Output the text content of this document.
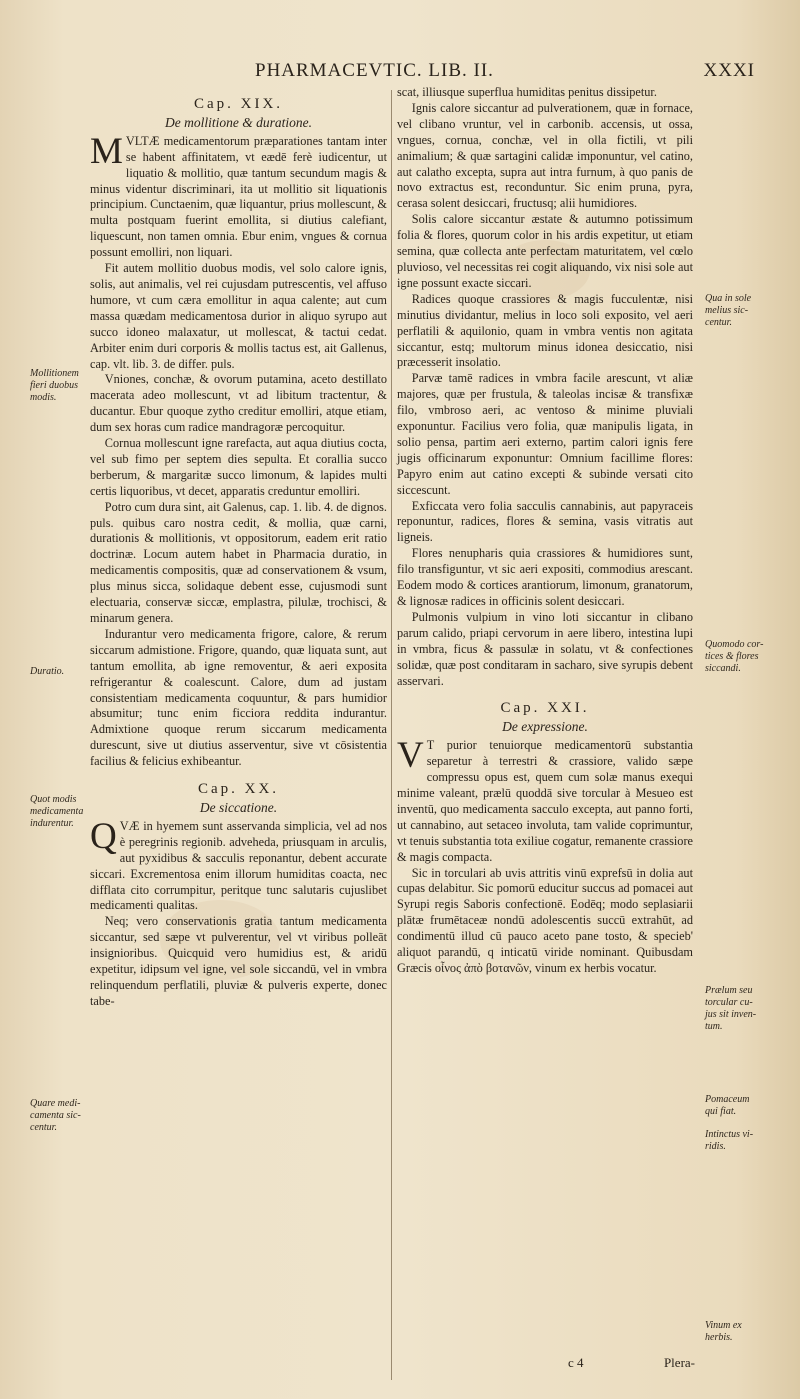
PHARMACEVTIC. LIB. II.	XXXI
Cap. XIX.
De mollitione & duratione.

MVLTÆ medicamentorum præparationes tantam inter se habent affinitatem, vt eædē ferè iudicentur, ut liquatio & mollitio, quæ tantum secundum magis & minus videntur discriminari, ita ut mollitio sit liquationis principium. Cunctaenim, quæ liquantur, prius mollescunt, & multa postquam fuerint emollita, si diutius calefiant, liquescunt, non tamen omnia. Ebur enim, vngues & cornua possunt emolliri, non liquari.

Fit autem mollitio duobus modis, vel solo calore ignis, solis, aut animalis, vel rei cujusdam putrescentis, vel affuso humore, vt cum cæra emollitur in aqua calente; aut cum massa quædam medicamentosa durior in aliquo syrupo aut succo idoneo malaxatur, ut mollescat, & tactui cedat. Arbiter enim duri corporis & mollis tactus est, ait Gallenus, cap. vlt. lib. 3. de differ. puls.

Vniones, conchæ, & ovorum putamina, aceto destillato macerata adeo mollescunt, vt ad libitum tractentur, & ducantur. Ebur quoque zytho creditur emolliri, atque etiam, dum sex horas cum radice mandragoræ percoquitur.

Cornua mollescunt igne rarefacta, aut aqua diutius cocta, vel sub fimo per septem dies sepulta. Et corallia succo berberum, & margaritæ succo limonum, & lapides multi certis liquoribus, vt decet, apparatis creduntur emolliri.

Potro cum dura sint, ait Galenus, cap. 1. lib. 4. de dignos. puls. quibus caro nostra cedit, & mollia, quæ carni, durationis & mollitionis, vt oppositorum, eadem erit ratio doctrinæ. Locum autem habet in Pharmacia duratio, in medicamentis compositis, quæ ad conservationem & vsum, plus minus sicca, solidaque debent esse, cujusmodi sunt electuaria, conservæ siccæ, emplastra, pilulæ, trochisci, & minarum genera.

Indurantur vero medicamenta frigore, calore, & rerum siccarum admistione. Frigore, quando, quæ liquata sunt, aut tantum emollita, ab igne removentur, & aeri exposita refrigerantur & coalescunt. Calore, dum ad justam consistentiam medicamenta coquuntur, & pars humidior absumitur; tunc enim ficciora reddita indurantur. Admixtione quoque rerum siccarum medicamenta durescunt, sive ut diutius asserventur, sive vt cōsistentia facilius & felicius exhibeantur.

Cap. XX.
De siccatione.

QVÆ in hyemem sunt asservanda simplicia, vel ad nos è peregrinis regionib. adveheda, priusquam in arculis, aut pyxidibus & sacculis reponantur, debent accurate siccari. Excrementosa enim illorum humiditas coacta, nec difflata cito corrumpitur, peritque tunc salutaris cujuslibet medicamenti qualitas.

Neq; vero conservationis gratia tantum medicamenta siccantur, sed sæpe vt pulverentur, vel vt viribus polleāt insignioribus. Quicquid vero humidius est, & aridū expetitur, idipsum vel igne, vel sole siccandū, vel in vmbra relinquendum perflatili, pluviæ & pulveris experte, donec tabe-

scat, illiusque superflua humiditas penitus dissipetur.

Ignis calore siccantur ad pulverationem, quæ in fornace, vel clibano vruntur, vel in carbonib. accensis, ut ossa, vngues, cornua, conchæ, vel in olla fictili, vt pili animalium; & quæ sartagini calidæ imponuntur, vel catino, aut calatho excepta, supra aut intra furnum, à quo panis de novo extractus est, reconduntur. Sic enim pruna, pyra, cerasa solent desiccari, fructusq; alii humidiores.

Solis calore siccantur æstate & autumno potissimum folia & flores, quorum color in his ardis expetitur, ut etiam semina, quæ collecta ante perfectam maturitatem, vel cœlo pluvioso, vel necessitas rei cogit aliquando, vix nisi sole aut igne possunt exacte siccari.

Radices quoque crassiores & magis fucculentæ, nisi minutius dividantur, melius in loco soli exposito, vel aeri perflatili & aquilonio, quam in vmbra ventis non agitata siccantur, estq; multorum minus idonea desiccatio, nisi præcesserit insolatio.

Parvæ tamē radices in vmbra facile arescunt, vt aliæ majores, quæ per frustula, & taleolas incisæ & transfixæ filo, vmbroso aeri, ac ventoso & minime pluviali exponuntur. Facilius vero folia, quæ manipulis ligata, in solio pensa, partim aeri externo, partim calori ignis fere jugis officinarum exponuntur: Omnium facillime flores: Papyro enim aut catino excepti & subinde versati cito siccescunt.

Exficcata vero folia sacculis cannabinis, aut papyraceis reponuntur, radices, flores & semina, vasis vitratis aut ligneis.

Flores nenupharis quia crassiores & humidiores sunt, filo transfiguntur, vt sic aeri expositi, commodius arescant. Eodem modo & cortices arantiorum, limonum, granatorum, & lignosæ radices in officinis solent desiccari.

Pulmonis vulpium in vino loti siccantur in clibano parum calido, priapi cervorum in aere libero, intestina lupi in vmbra, ficus & passulæ in solatu, vt & confectiones solidæ, quæ post conditaram in sacharo, sive syrupis debent asservari.

Cap. XXI.
De expressione.

V T purior tenuiorque medicamentorū substantia separetur à terrestri & crassiore, valido sæpe compressu opus est, quem cum solæ manus exequi minime valeant, prælū quoddā sive torcular à Mesueo est inventū, quo medicamenta sacculo excepta, aut panno forti, ut cannabino, aut setaceo involuta, tam valide coprimuntur, vt tenuis substantia tota exiliue cogatur, remanente crassiore & magis compacta.

Sic in torculari ab uvis attritis vinū exprefsū in dolia aut cupas delabitur. Sic pomorū educitur succus ad pomacei aut Syrupi regis Saboris confectionē. Eodēq; modo seplasiarii plātæ frumētaceæ nondū adolescentis succū extrahūt, ad condimentū illud cū pauco aceto pane tosto, & specieb' aliquot parandū, q inticatū viride nominant. Quibusdam Græcis οἶνος ἀπὸ βοτανῶν, vinum ex herbis vocatur.

Mollitionem
fieri duobus
modis.
Duratio.
Quot modis
medicamenta
indurentur.
Quare medi-
camenta sic-
centur.
Qua in sole
melius sic-
centur.
Quomodo cor-
tices & flores
siccandi.
Prælum seu
torcular cu-
jus sit inven-
tum.
Pomaceum
qui fiat.
Intinctus vi-
ridis.
Vinum ex
herbis.
c 4	Plera-
